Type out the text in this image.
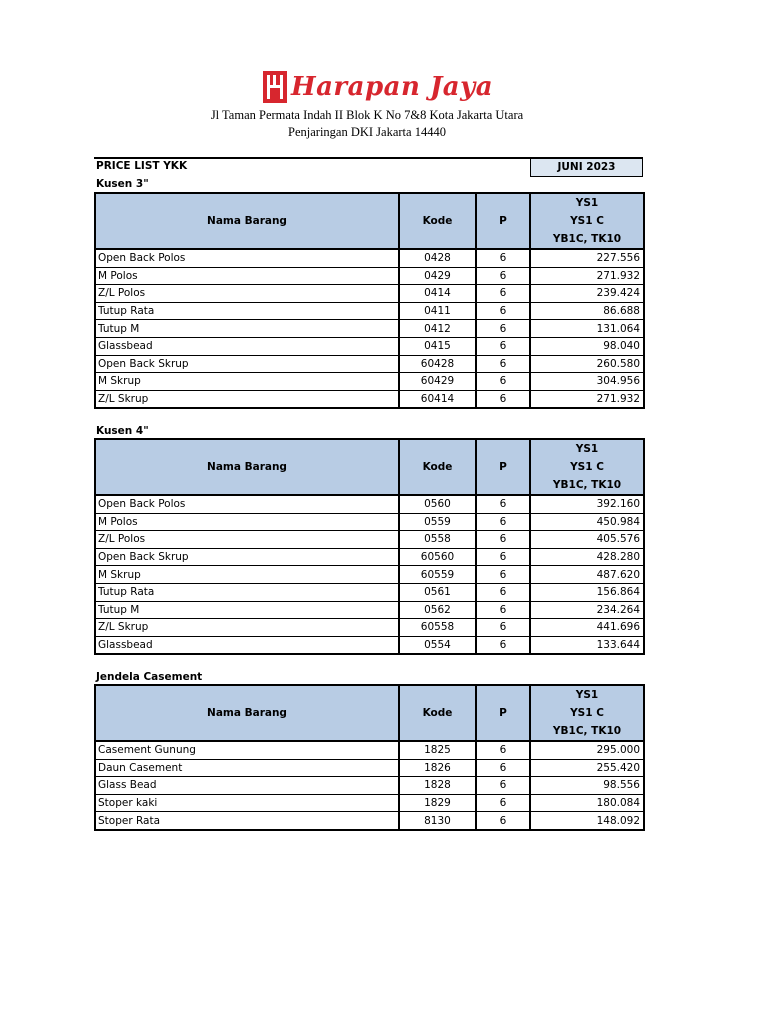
Harapan Jaya
Jl Taman Permata Indah II Blok K No 7&8 Kota Jakarta Utara
Penjaringan DKI Jakarta 14440
PRICE LIST YKK	JUNI 2023
Kusen 3"
Kusen 4"
Jendela Casement
Nama Barang	Kode	P	YS1
YS1 C
YB1C, TK10

Open Back Polos	0428	6	227.556
M Polos	0429	6	271.932
Z/L Polos	0414	6	239.424
Tutup Rata	0411	6	86.688
Tutup M	0412	6	131.064
Glassbead	0415	6	98.040
Open Back Skrup	60428	6	260.580
M Skrup	60429	6	304.956
Z/L Skrup	60414	6	271.932
Nama Barang	Kode	P	YS1
YS1 C
YB1C, TK10

Open Back Polos	0560	6	392.160
M Polos	0559	6	450.984
Z/L Polos	0558	6	405.576
Open Back Skrup	60560	6	428.280
M Skrup	60559	6	487.620
Tutup Rata	0561	6	156.864
Tutup M	0562	6	234.264
Z/L Skrup	60558	6	441.696
Glassbead	0554	6	133.644
Nama Barang	Kode	P	YS1
YS1 C
YB1C, TK10

Casement Gunung	1825	6	295.000
Daun Casement	1826	6	255.420
Glass Bead	1828	6	98.556
Stoper kaki	1829	6	180.084
Stoper Rata	8130	6	148.092
